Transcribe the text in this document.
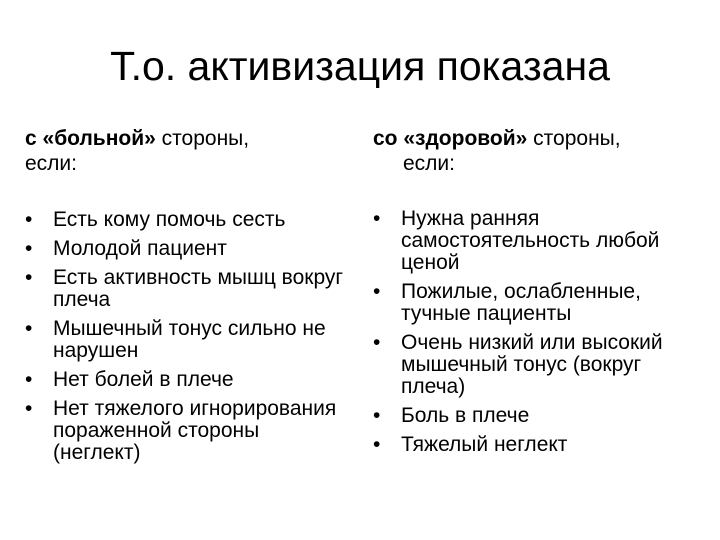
Т.о. активизация показана

с «больной» стороны,
если:

• Есть кому помочь сесть
• Молодой пациент
• Есть активность мышц вокруг плеча
• Мышечный тонус сильно не нарушен
• Нет болей в плече
• Нет тяжелого игнорирования пораженной стороны (неглект)

со «здоровой» стороны,
если:

• Нужна ранняя самостоятельность любой ценой
• Пожилые, ослабленные, тучные пациенты
• Очень низкий или высокий мышечный тонус (вокруг плеча)
• Боль в плече
• Тяжелый неглект
